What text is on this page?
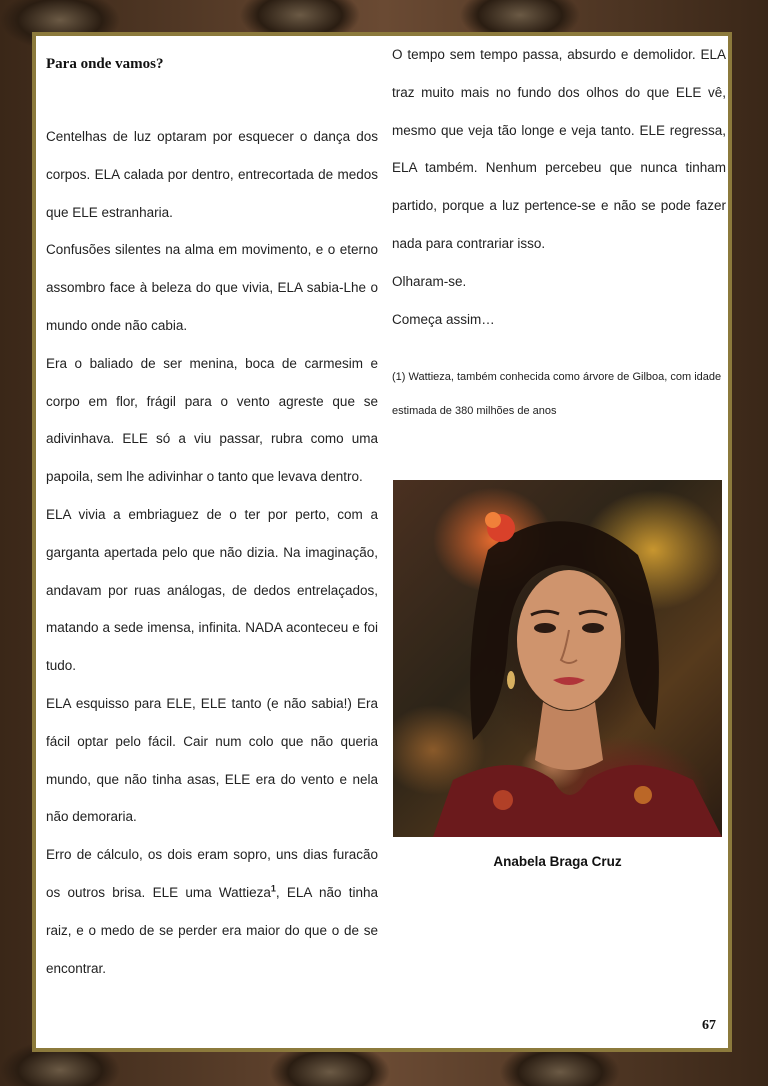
Para onde vamos?

Centelhas de luz optaram por esquecer o dança dos corpos. ELA calada por dentro, entrecortada de medos que ELE estranharia.

Confusões silentes na alma em movimento, e o eterno assombro face à beleza do que vivia, ELA sabia-Lhe o mundo onde não cabia.

Era o baliado de ser menina, boca de carmesim e corpo em flor, frágil para o vento agreste que se adivinhava. ELE só a viu passar, rubra como uma papoila, sem lhe adivinhar o tanto que levava dentro.

ELA vivia a embriaguez de o ter por perto, com a garganta apertada pelo que não dizia. Na imaginação, andavam por ruas análogas, de dedos entrelaçados, matando a sede imensa, infinita. NADA aconteceu e foi tudo.

ELA esquisso para ELE, ELE tanto (e não sabia!) Era fácil optar pelo fácil. Cair num colo que não queria mundo, que não tinha asas, ELE era do vento e nela não demoraria.

Erro de cálculo, os dois eram sopro, uns dias furacão os outros brisa. ELE uma Wattieza$^1$, ELA não tinha raiz, e o medo de se perder era maior do que o de se encontrar.

O tempo sem tempo passa, absurdo e demolidor. ELA traz muito mais no fundo dos olhos do que ELE vê, mesmo que veja tão longe e veja tanto. ELE regressa, ELA também. Nenhum percebeu que nunca tinham partido, porque a luz pertence-se e não se pode fazer nada para contrariar isso.

Olharam-se.

Começa assim…

(1) Wattieza, também conhecida como árvore de Gilboa, com idade estimada de 380 milhões de anos

Anabela Braga Cruz
67
